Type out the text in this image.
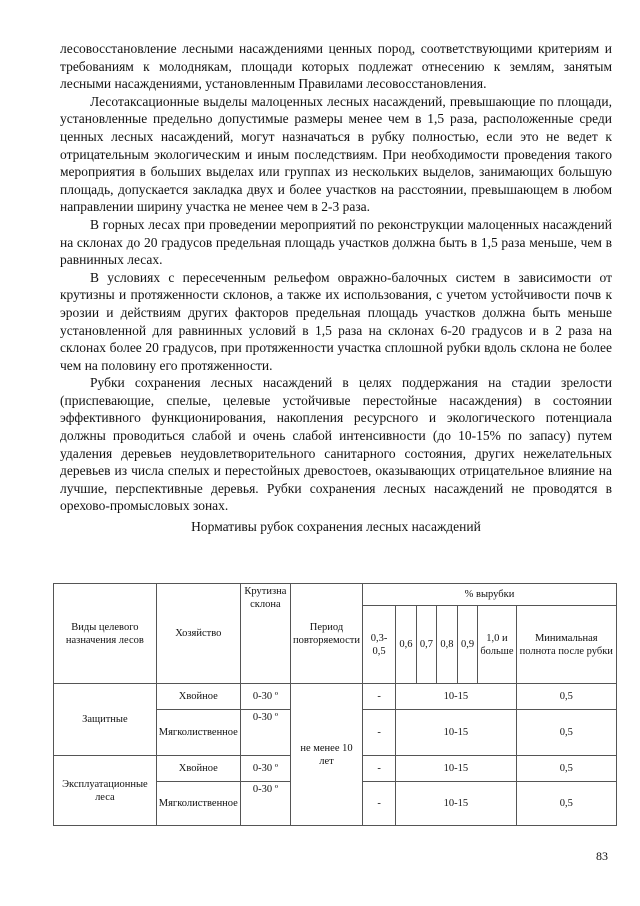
лесовосстановление лесными насаждениями ценных пород, соответствующими критериям и требованиям к молоднякам, площади которых подлежат отнесению к землям, занятым лесными насаждениями, установленным Правилами лесовосстановления.

Лесотаксационные выделы малоценных лесных насаждений, превышающие по площади, установленные предельно допустимые размеры менее чем в 1,5 раза, расположенные среди ценных лесных насаждений, могут назначаться в рубку полностью, если это не ведет к отрицательным экологическим и иным последствиям. При необходимости проведения такого мероприятия в больших выделах или группах из нескольких выделов, занимающих большую площадь, допускается закладка двух и более участков на расстоянии, превышающем в любом направлении ширину участка не менее чем в 2-3 раза.

В горных лесах при проведении мероприятий по реконструкции малоценных насаждений на склонах до 20 градусов предельная площадь участков должна быть в 1,5 раза меньше, чем в равнинных лесах.

В условиях с пересеченным рельефом овражно-балочных систем в зависимости от крутизны и протяженности склонов, а также их использования, с учетом устойчивости почв к эрозии и действиям других факторов предельная площадь участков должна быть меньше установленной для равнинных условий в 1,5 раза на склонах 6-20 градусов и в 2 раза на склонах более 20 градусов, при протяженности участка сплошной рубки вдоль склона не более чем на половину его протяженности.

Рубки сохранения лесных насаждений в целях поддержания на стадии зрелости (приспевающие, спелые, целевые устойчивые перестойные насаждения) в состоянии эффективного функционирования, накопления ресурсного и экологического потенциала должны проводиться слабой и очень слабой интенсивности (до 10-15% по запасу) путем удаления деревьев неудовлетворительного санитарного состояния, других нежелательных деревьев из числа спелых и перестойных древостоев, оказывающих отрицательное влияние на лучшие, перспективные деревья. Рубки сохранения лесных насаждений не проводятся в орехово-промысловых зонах.

Нормативы рубок сохранения лесных насаждений
Виды целевого назначения лесов	Хозяйство	Крутизна склона	Период повторяемости	% вырубки						
				0,3-0,5	0,6	0,7	0,8	0,9	1,0 и больше	Минимальная полнота после рубки
Защитные	Хвойное	0-30 º	не менее 10 лет	-	10-15					0,5
	Мягколиственное	0-30 º		-	10-15					0,5
Эксплуатационные леса	Хвойное	0-30 º		-	10-15					0,5
	Мягколиственное	0-30 º		-	10-15					0,5
83
